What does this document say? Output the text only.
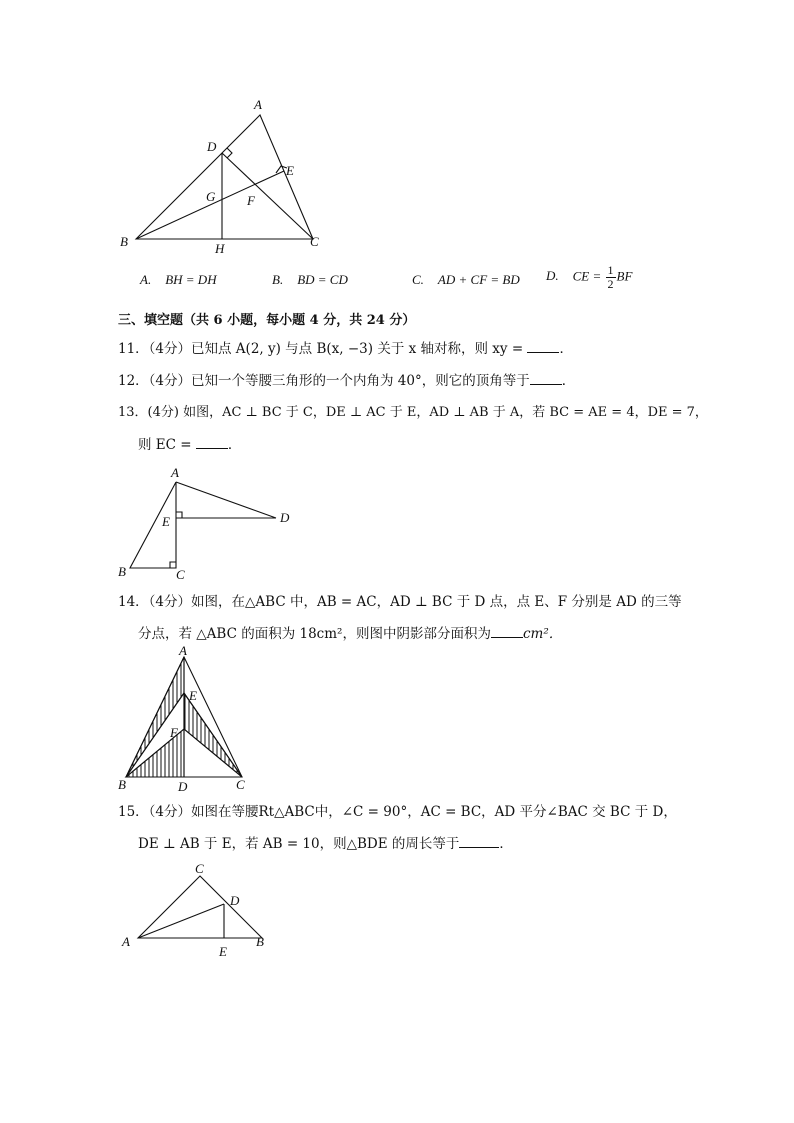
A
D
E
G F
B	H	C
A. BH = DH	B. BD = CD	C. AD + CF = BD D. CE = $\frac{1}{2}$ BF
三、填空题（共 6 小题，每小题 4 分，共 24 分）
11．（4分）已知点 A(2, y) 与点 B(x, −3) 关于 x 轴对称，则 xy = ．
12．（4分）已知一个等腰三角形的一个内角为 40°，则它的顶角等于 ．
13．(4分) 如图，AC ⊥ BC 于 C，DE ⊥ AC 于 E，AD ⊥ AB 于 A，若 BC = AE = 4，DE = 7，
则 EC = ．
A
E	D
B	C
14．（4分）如图，在△ABC 中，AB = AC，AD ⊥ BC 于 D 点，点 E、F 分别是 AD 的三等
分点，若 △ABC 的面积为 18cm²，则图中阴影部分面积为 cm²．
A
E
F
B	D	C
15．（4分）如图在等腰Rt△ABC中，∠C = 90°，AC = BC，AD 平分∠BAC 交 BC 于 D，
DE ⊥ AB 于 E，若 AB = 10，则△BDE 的周长等于	．
C
D
A
E
B
